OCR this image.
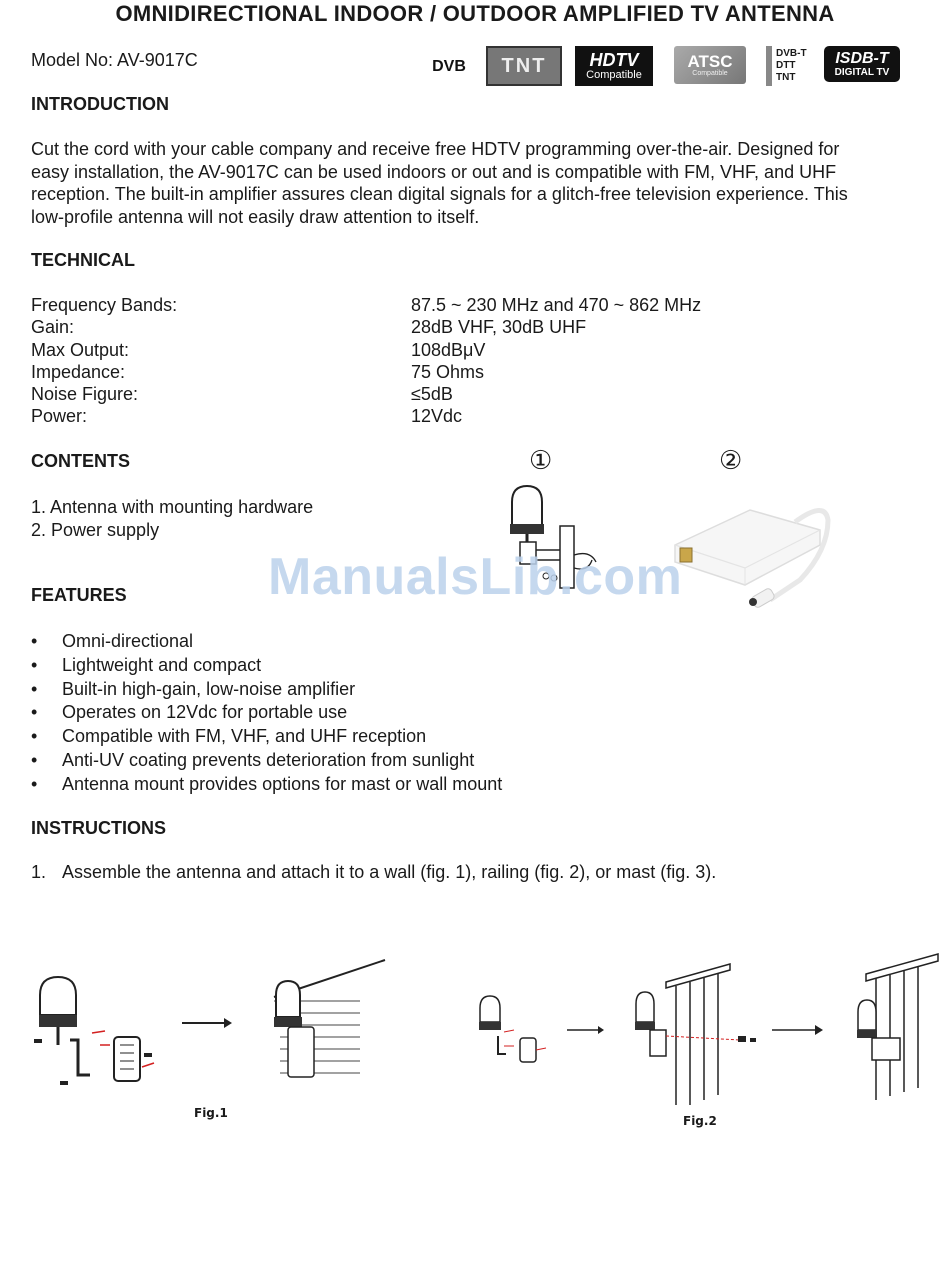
OMNIDIRECTIONAL INDOOR / OUTDOOR AMPLIFIED TV ANTENNA
Model No: AV-9017C	DVB TNT HDTV
Compatible
ATSC
Compatible
DVB-T
DTT
TNT
ISDB-T
DIGITAL TV
INTRODUCTION
Cut the cord with your cable company and receive free HDTV programming over-the-air. Designed for
easy installation, the AV-9017C can be used indoors or out and is compatible with FM, VHF, and UHF
reception. The built-in amplifier assures clean digital signals for a glitch-free television experience. This
low-profile antenna will not easily draw attention to itself.
TECHNICAL
Frequency Bands:	87.5 ~ 230 MHz and 470 ~ 862 MHz
Gain:	28dB VHF, 30dB UHF
Max Output:	108dBμV
Impedance:	75 Ohms
Noise Figure:	≤5dB
Power:	12Vdc
CONTENTS
1. Antenna with mounting hardware
2. Power supply
①	②
FEATURES
• Omni-directional
• Lightweight and compact
• Built-in high-gain, low-noise amplifier
• Operates on 12Vdc for portable use
• Compatible with FM, VHF, and UHF reception
• Anti-UV coating prevents deterioration from sunlight
• Antenna mount provides options for mast or wall mount
INSTRUCTIONS
1. Assemble the antenna and attach it to a wall (fig. 1), railing (fig. 2), or mast (fig. 3).
Fig.1
Fig.2
ManualsLib.com
